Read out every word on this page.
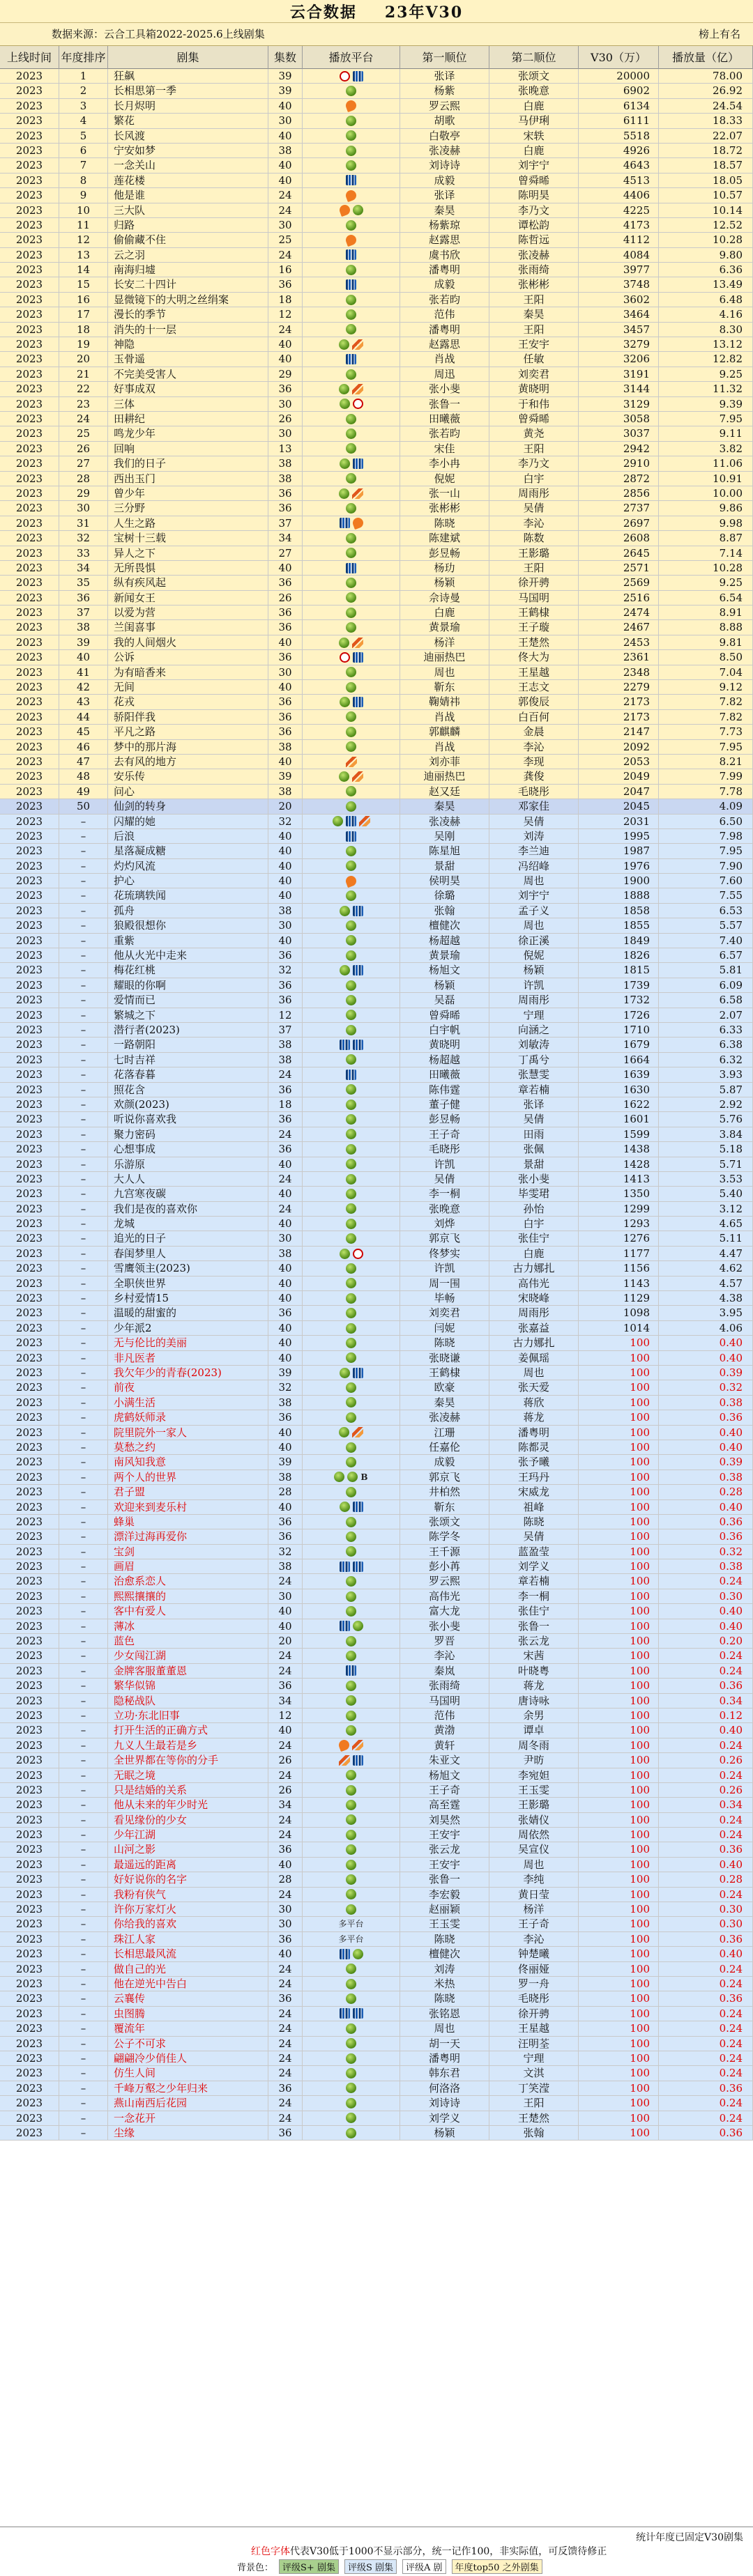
云合数据 23年V30
数据来源：云合工具箱2022-2025.6上线剧集	榜上有名
上线时间 年度排序	剧集	集数	播放平台	第一顺位	第二顺位	V30（万）	播放量（亿）
2023	1	狂飙	39	张译	张颂文	20000	78.00
2023	2	长相思第一季	39	杨紫	张晚意	6902	26.92
2023	3	长月烬明	40	罗云熙	白鹿	6134	24.54
2023	4	繁花	30	胡歌	马伊琍	6111	18.33
2023	5	长风渡	40	白敬亭	宋轶	5518	22.07
2023	6	宁安如梦	38	张凌赫	白鹿	4926	18.72
2023	7	一念关山	40	刘诗诗	刘宇宁	4643	18.57
2023	8	莲花楼	40	成毅	曾舜晞	4513	18.05
2023	9	他是谁	24	张译	陈明昊	4406	10.57
2023	10	三大队	24	秦昊	李乃文	4225	10.14
2023	11	归路	30	杨紫琼	谭松韵	4173	12.52
2023	12	偷偷藏不住	25	赵露思	陈哲远	4112	10.28
2023	13	云之羽	24	虞书欣	张凌赫	4084	9.80
2023	14	南海归墟	16	潘粤明	张雨绮	3977	6.36
2023	15	长安二十四计	36	成毅	张彬彬	3748	13.49
2023	16	显微镜下的大明之丝绢案	18	张若昀	王阳	3602	6.48
2023	17	漫长的季节	12	范伟	秦昊	3464	4.16
2023	18	消失的十一层	24	潘粤明	王阳	3457	8.30
2023	19	神隐	40	赵露思	王安宇	3279	13.12
2023	20	玉骨遥	40	肖战	任敏	3206	12.82
2023	21	不完美受害人	29	周迅	刘奕君	3191	9.25
2023	22	好事成双	36	张小斐	黄晓明	3144	11.32
2023	23	三体	30	张鲁一	于和伟	3129	9.39
2023	24	田耕纪	26	田曦薇	曾舜晞	3058	7.95
2023	25	鸣龙少年	30	张若昀	黄尧	3037	9.11
2023	26	回响	13	宋佳	王阳	2942	3.82
2023	27	我们的日子	38	李小冉	李乃文	2910	11.06
2023	28	西出玉门	38	倪妮	白宇	2872	10.91
2023	29	曾少年	36	张一山	周雨彤	2856	10.00
2023	30	三分野	36	张彬彬	吴倩	2737	9.86
2023	31	人生之路	37	陈晓	李沁	2697	9.98
2023	32	宝树十三载	34	陈建斌	陈数	2608	8.87
2023	33	异人之下	27	彭昱畅	王影璐	2645	7.14
2023	34	无所畏惧	40	杨玏	王阳	2571	10.28
2023	35	纵有疾风起	36	杨颖	徐开骋	2569	9.25
2023	36	新闻女王	26	佘诗曼	马国明	2516	6.54
2023	37	以爱为营	36	白鹿	王鹤棣	2474	8.91
2023	38	兰闺喜事	36	黄景瑜	王子璇	2467	8.88
2023	39	我的人间烟火	40	杨洋	王楚然	2453	9.81
2023	40	公诉	36	迪丽热巴	佟大为	2361	8.50
2023	41	为有暗香来	30	周也	王星越	2348	7.04
2023	42	无间	40	靳东	王志文	2279	9.12
2023	43	花戎	36	鞠婧祎	郭俊辰	2173	7.82
2023	44	骄阳伴我	36	肖战	白百何	2173	7.82
2023	45	平凡之路	36	郭麒麟	金晨	2147	7.73
2023	46	梦中的那片海	38	肖战	李沁	2092	7.95
2023	47	去有风的地方	40	刘亦菲	李现	2053	8.21
2023	48	安乐传	39	迪丽热巴	龚俊	2049	7.99
2023	49	问心	38	赵又廷	毛晓彤	2047	7.78
2023	50	仙剑的转身	20	秦昊	邓家佳	2045	4.09
2023	–	闪耀的她	32	张凌赫	吴倩	2031	6.50
2023	–	后浪	40	吴刚	刘涛	1995	7.98
2023	–	星落凝成糖	40	陈星旭	李兰迪	1987	7.95
2023	–	灼灼风流	40	景甜	冯绍峰	1976	7.90
2023	–	护心	40	侯明昊	周也	1900	7.60
2023	–	花琉璃轶闻	40	徐璐	刘宇宁	1888	7.55
2023	–	孤舟	38	张翰	孟子义	1858	6.53
2023	–	狼殿很想你	30	檀健次	周也	1855	5.57
2023	–	重紫	40	杨超越	徐正溪	1849	7.40
2023	–	他从火光中走来	36	黄景瑜	倪妮	1826	6.57
2023	–	梅花红桃	32	杨旭文	杨颖	1815	5.81
2023	–	耀眼的你啊	36	杨颖	许凯	1739	6.09
2023	–	爱情而已	36	吴磊	周雨彤	1732	6.58
2023	–	繁城之下	12	曾舜晞	宁理	1726	2.07
2023	–	潜行者(2023)	37	白宇帆	向涵之	1710	6.33
2023	–	一路朝阳	38	黄晓明	刘敏涛	1679	6.38
2023	–	七时吉祥	38	杨超越	丁禹兮	1664	6.32
2023	–	花落春暮	24	田曦薇	张慧雯	1639	3.93
2023	–	照花含	36	陈伟霆	章若楠	1630	5.87
2023	–	欢颜(2023)	18	董子健	张译	1622	2.92
2023	–	听说你喜欢我	36	彭昱畅	吴倩	1601	5.76
2023	–	聚力密码	24	王子奇	田雨	1599	3.84
2023	–	心想事成	36	毛晓彤	张佩	1438	5.18
2023	–	乐游原	40	许凯	景甜	1428	5.71
2023	–	大人人	24	吴倩	张小斐	1413	3.53
2023	–	九宫寒夜碳	40	李一桐	毕雯珺	1350	5.40
2023	–	我们是夜的喜欢你	24	张晚意	孙怡	1299	3.12
2023	–	龙城	40	刘烨	白宇	1293	4.65
2023	–	追光的日子	30	郭京飞	张佳宁	1276	5.11
2023	–	春闺梦里人	38	佟梦实	白鹿	1177	4.47
2023	–	雪鹰领主(2023)	40	许凯	古力娜扎	1156	4.62
2023	–	全职侠世界	40	周一围	高伟光	1143	4.57
2023	–	乡村爱情15	40	毕畅	宋晓峰	1129	4.38
2023	–	温暖的甜蜜的	36	刘奕君	周雨彤	1098	3.95
2023	–	少年派2	40	闫妮	张嘉益	1014	4.06
2023	–	无与伦比的美丽	40	陈晓	古力娜扎	100	0.40
2023	–	非凡医者	40	张晓谦	姜佩瑶	100	0.40
2023	–	我欠年少的青春(2023)	39	王鹤棣	周也	100	0.39
2023	–	前夜	32	欧豪	张天爱	100	0.32
2023	–	小满生活	38	秦昊	蒋欣	100	0.38
2023	–	虎鹤妖师录	36	张凌赫	蒋龙	100	0.36
2023	–	院里院外一家人	40	江珊	潘粤明	100	0.40
2023	–	莫愁之约	40	任嘉伦	陈都灵	100	0.40
2023	–	南风知我意	39	成毅	张予曦	100	0.39
2023	–	两个人的世界	38	B	郭京飞	王玛丹	100	0.38
2023	–	君子盟	28	井柏然	宋威龙	100	0.28
2023	–	欢迎来到麦乐村	40	靳东	祖峰	100	0.40
2023	–	蜂巢	36	张颂文	陈晓	100	0.36
2023	–	漂洋过海再爱你	36	陈学冬	吴倩	100	0.36
2023	–	宝剑	32	王千源	蓝盈莹	100	0.32
2023	–	画眉	38	彭小苒	刘学义	100	0.38
2023	–	治愈系恋人	24	罗云熙	章若楠	100	0.24
2023	–	熙熙攘攘的	30	高伟光	李一桐	100	0.30
2023	–	客中有爱人	40	富大龙	张佳宁	100	0.40
2023	–	薄冰	40	张小斐	张鲁一	100	0.40
2023	–	蓝色	20	罗晋	张云龙	100	0.20
2023	–	少女闯江湖	24	李沁	宋茜	100	0.24
2023	–	金牌客服董董恩	24	秦岚	叶晓粤	100	0.24
2023	–	繁华似锦	36	张雨绮	蒋龙	100	0.36
2023	–	隐秘战队	34	马国明	唐诗咏	100	0.34
2023	–	立功·东北旧事	12	范伟	余男	100	0.12
2023	–	打开生活的正确方式	40	黄渤	谭卓	100	0.40
2023	–	九义人生最若是乡	24	黄轩	周冬雨	100	0.24
2023	–	全世界都在等你的分手	26	朱亚文	尹昉	100	0.26
2023	–	无眠之境	24	杨旭文	李宛妲	100	0.24
2023	–	只是结婚的关系	26	王子奇	王玉雯	100	0.26
2023	–	他从未来的年少时光	34	高至霆	王影璐	100	0.34
2023	–	看见缘份的少女	24	刘昊然	张婧仪	100	0.24
2023	–	少年江湖	24	王安宇	周依然	100	0.24
2023	–	山河之影	36	张云龙	吴宣仪	100	0.36
2023	–	最遥远的距离	40	王安宇	周也	100	0.40
2023	–	好好说你的名字	28	张鲁一	李纯	100	0.28
2023	–	我粉有侠气	24	李宏毅	黄日莹	100	0.24
2023	–	许你万家灯火	30	赵丽颖	杨洋	100	0.30
2023	–	你给我的喜欢	30	多平台	王玉雯	王子奇	100	0.30
2023	–	珠江人家	36	多平台	陈晓	李沁	100	0.36
2023	–	长相思最风流	40	檀健次	钟楚曦	100	0.40
2023	–	做自己的光	24	刘涛	佟丽娅	100	0.24
2023	–	他在逆光中告白	24	米热	罗一舟	100	0.24
2023	–	云襄传	36	陈晓	毛晓彤	100	0.36
2023	–	虫图腾	24	张铭恩	徐开骋	100	0.24
2023	–	覆流年	24	周也	王星越	100	0.24
2023	–	公子不可求	24	胡一天	汪明荃	100	0.24
2023	–	翩翩冷少俏佳人	24	潘粤明	宁理	100	0.24
2023	–	仿生人间	24	韩东君	文淇	100	0.24
2023	–	千峰万壑之少年归来	36	何洛洛	丁笑滢	100	0.36
2023	–	燕山南西后花园	24	刘诗诗	王阳	100	0.24
2023	–	一念花开	24	刘学义	王楚然	100	0.24
2023	–	尘缘	36	杨颖	张翰	100	0.36
统计年度已固定V30剧集
红色字体代表V30低于1000不显示部分，统一记作100，非实际值，可反馈待修正
背景色：	评级S+ 剧集	评级S 剧集	评级A 剧	年度top50 之外剧集
